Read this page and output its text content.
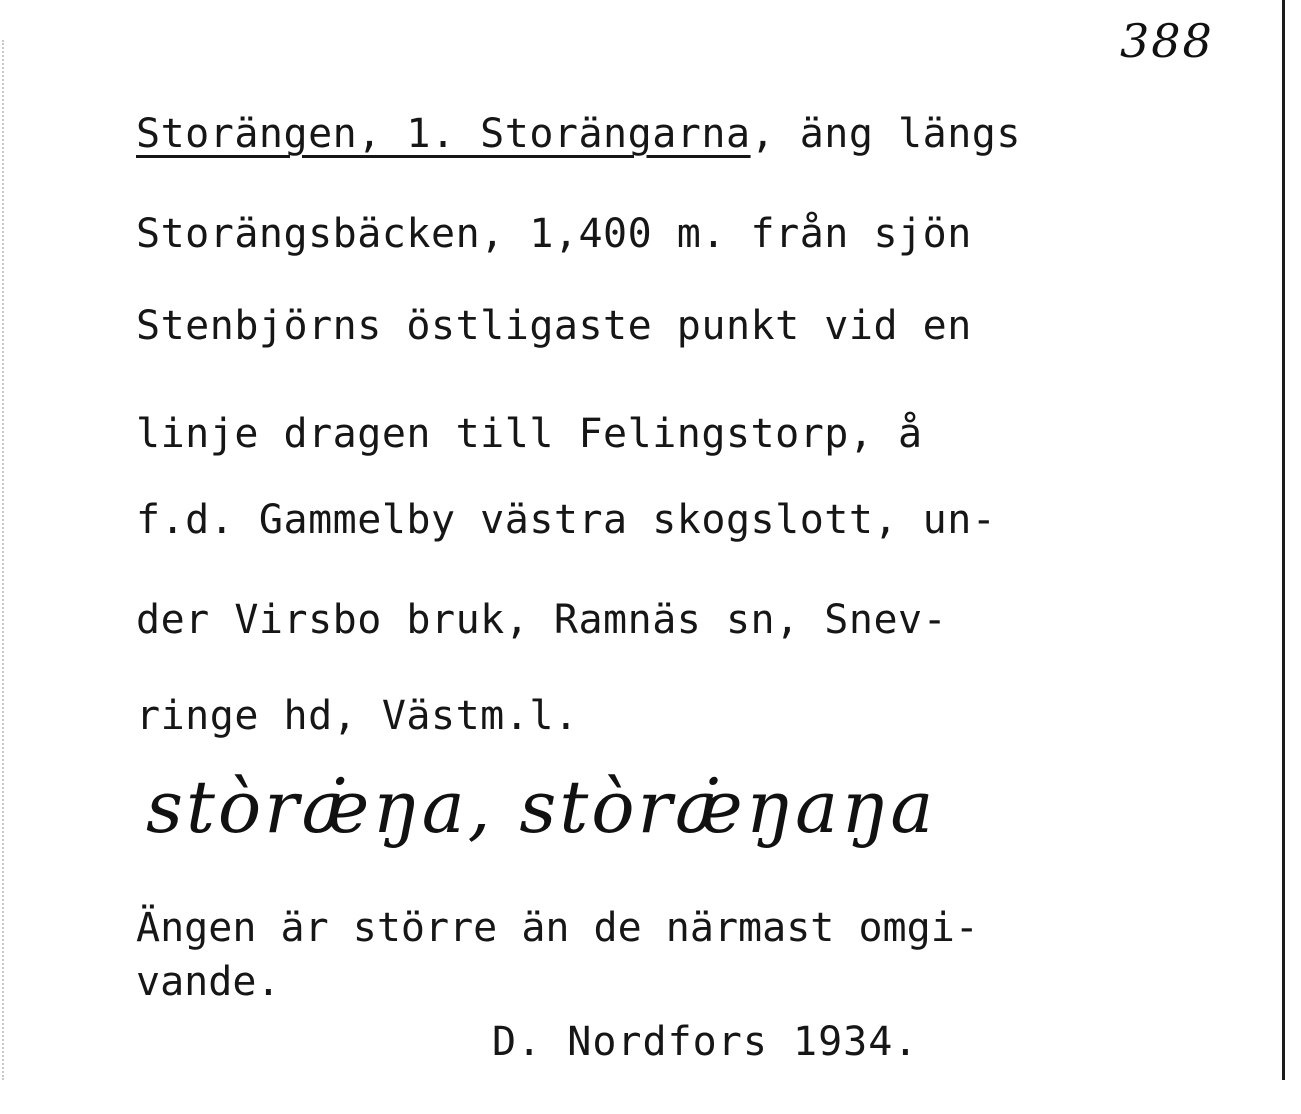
388
Storängen, 1. Storängarna, äng längs
Storängsbäcken, 1,400 m. från sjön
Stenbjörns östligaste punkt vid en
linje dragen till Felingstorp, å
f.d. Gammelby västra skogslott, un-
der Virsbo bruk, Ramnäs sn, Snev-
ringe hd, Västm.l.
stòræ̇ŋa, stòræ̇ŋaŋa
Ängen är större än de närmast omgi-
vande.
D. Nordfors 1934.
